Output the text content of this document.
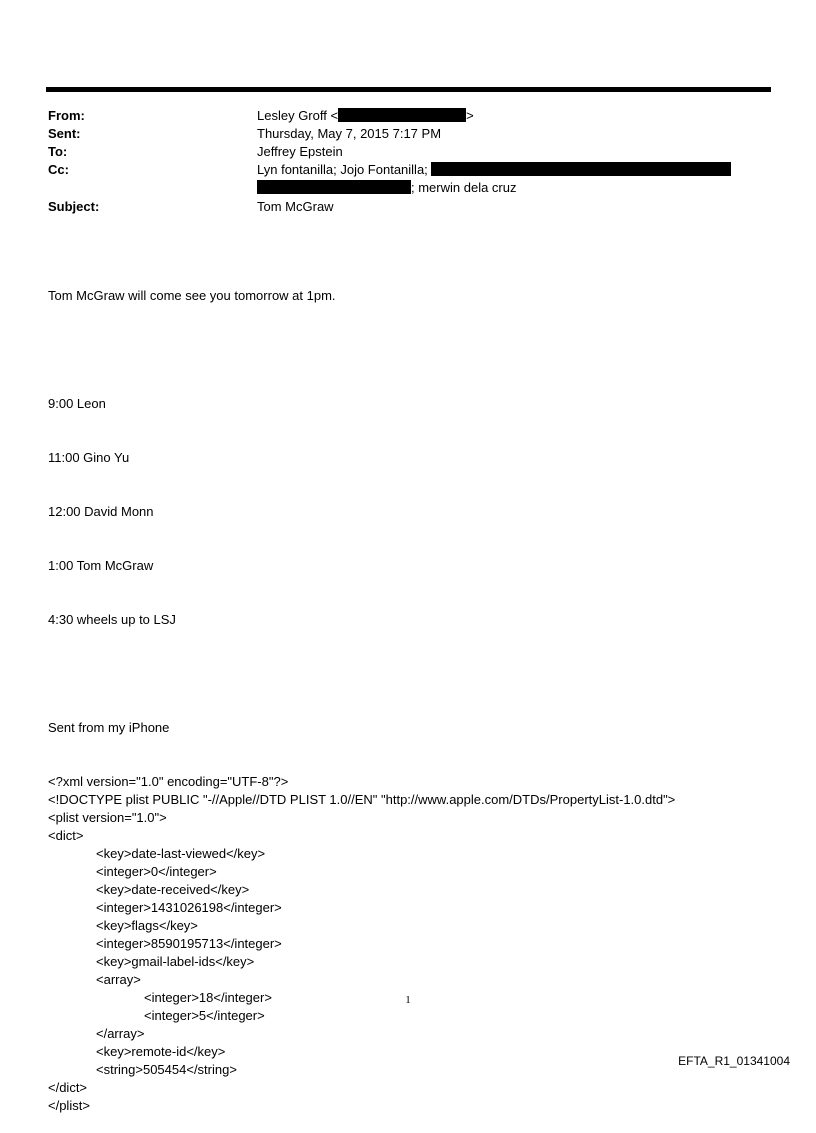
From:	Lesley Groff <	>
Sent:	Thursday, May 7, 2015 7:17 PM
To:	Jeffrey Epstein
Cc:	Lyn fontanilla; Jojo Fontanilla;
; merwin dela cruz
Subject:	Tom McGraw

Tom McGraw will come see you tomorrow at 1pm.

9:00 Leon

11:00 Gino Yu

12:00 David Monn

1:00 Tom McGraw

4:30 wheels up to LSJ

Sent from my iPhone

<?xml version="1.0" encoding="UTF-8"?>
<!DOCTYPE plist PUBLIC "-//Apple//DTD PLIST 1.0//EN" "http://www.apple.com/DTDs/PropertyList-1.0.dtd">
<plist version="1.0">
<dict>
<key>date-last-viewed</key>
<integer>0</integer>
<key>date-received</key>
<integer>1431026198</integer>
<key>flags</key>
<integer>8590195713</integer>
<key>gmail-label-ids</key>
<array>
<integer>18</integer>
<integer>5</integer>
</array>
<key>remote-id</key>
<string>505454</string>
</dict>
</plist>

1
EFTA_R1_01341004
